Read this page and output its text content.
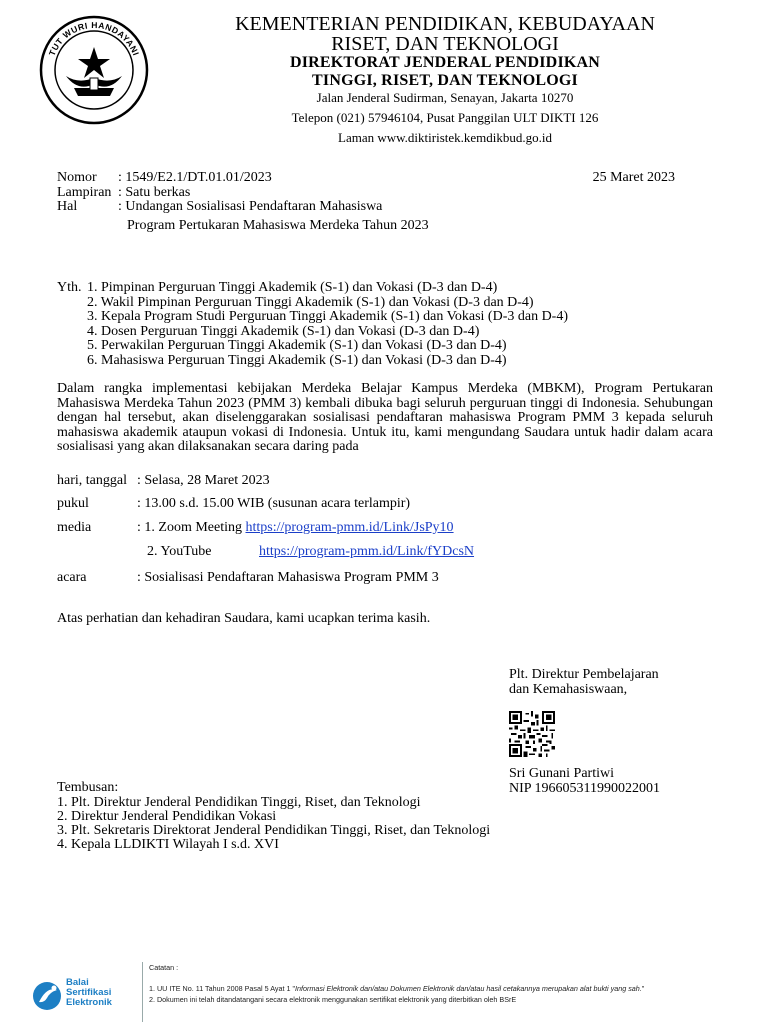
TUT WURI HANDAYANI
KEMENTERIAN PENDIDIKAN, KEBUDAYAAN
RISET, DAN TEKNOLOGI
DIREKTORAT JENDERAL PENDIDIKAN
TINGGI, RISET, DAN TEKNOLOGI
Jalan Jenderal Sudirman, Senayan, Jakarta 10270
Telepon (021) 57946104, Pusat Panggilan ULT DIKTI 126
Laman www.diktiristek.kemdikbud.go.id
Nomor : 1549/E2.1/DT.01.01/2023	25 Maret 2023
Lampiran : Satu berkas
Hal	: Undangan Sosialisasi Pendaftaran Mahasiswa
Program Pertukaran Mahasiswa Merdeka Tahun 2023
Yth. 1. Pimpinan Perguruan Tinggi Akademik (S-1) dan Vokasi (D-3 dan D-4)
2. Wakil Pimpinan Perguruan Tinggi Akademik (S-1) dan Vokasi (D-3 dan D-4)
3. Kepala Program Studi Perguruan Tinggi Akademik (S-1) dan Vokasi (D-3 dan D-4)
4. Dosen Perguruan Tinggi Akademik (S-1) dan Vokasi (D-3 dan D-4)
5. Perwakilan Perguruan Tinggi Akademik (S-1) dan Vokasi (D-3 dan D-4)
6. Mahasiswa Perguruan Tinggi Akademik (S-1) dan Vokasi (D-3 dan D-4)
Dalam rangka implementasi kebijakan Merdeka Belajar Kampus Merdeka (MBKM), Program Pertukaran Mahasiswa Merdeka Tahun 2023 (PMM 3) kembali dibuka bagi seluruh perguruan tinggi di Indonesia. Sehubungan dengan hal tersebut, akan diselenggarakan sosialisasi pendaftaran mahasiswa Program PMM 3 kepada seluruh mahasiswa akademik ataupun vokasi di Indonesia. Untuk itu, kami mengundang Saudara untuk hadir dalam acara sosialisasi yang akan dilaksanakan secara daring pada
hari, tanggal : Selasa, 28 Maret 2023
pukul	: 13.00 s.d. 15.00 WIB (susunan acara terlampir)
media	: 1. Zoom Meeting https://program-pmm.id/Link/JsPy10
2. YouTube	https://program-pmm.id/Link/fYDcsN
acara	: Sosialisasi Pendaftaran Mahasiswa Program PMM 3
Atas perhatian dan kehadiran Saudara, kami ucapkan terima kasih.
Plt. Direktur Pembelajaran
dan Kemahasiswaan,
Sri Gunani Partiwi
NIP 196605311990022001
Tembusan:
1. Plt. Direktur Jenderal Pendidikan Tinggi, Riset, dan Teknologi
2. Direktur Jenderal Pendidikan Vokasi
3. Plt. Sekretaris Direktorat Jenderal Pendidikan Tinggi, Riset, dan Teknologi
4. Kepala LLDIKTI Wilayah I s.d. XVI
Balai
Sertifikasi
Elektronik
Catatan :
1. UU ITE No. 11 Tahun 2008 Pasal 5 Ayat 1 "Informasi Elektronik dan/atau Dokumen Elektronik dan/atau hasil cetakannya merupakan alat bukti yang sah."
2. Dokumen ini telah ditandatangani secara elektronik menggunakan sertifikat elektronik yang diterbitkan oleh BSrE
